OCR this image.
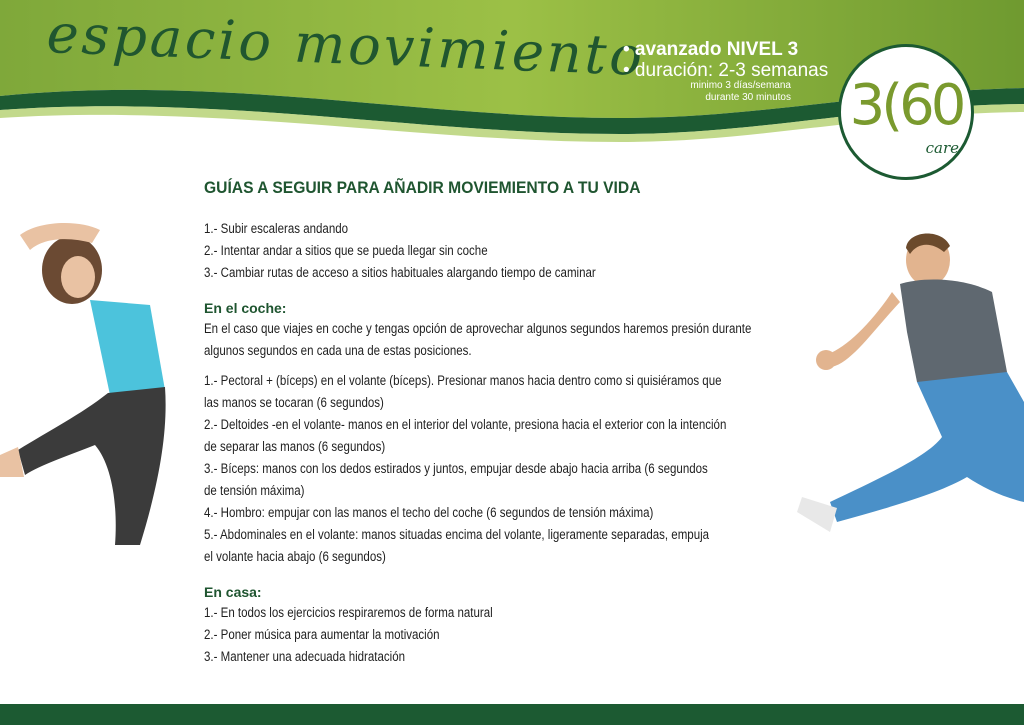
espacio movimiento
• avanzado NIVEL 3
• duración: 2-3 semanas
minimo 3 días/semana
durante 30 minutos 3(60
care
GUÍAS A SEGUIR PARA AÑADIR MOVIEMIENTO A TU VIDA
1.- Subir escaleras andando
2.- Intentar andar a sitios que se pueda llegar sin coche
3.- Cambiar rutas de acceso a sitios habituales alargando tiempo de caminar
En el coche:
En el caso que viajes en coche y tengas opción de aprovechar algunos segundos haremos presión durante
algunos segundos en cada una de estas posiciones.
1.- Pectoral + (bíceps) en el volante (bíceps). Presionar manos hacia dentro como si quisiéramos que
las manos se tocaran (6 segundos)
2.- Deltoides -en el volante- manos en el interior del volante, presiona hacia el exterior con la intención
de separar las manos (6 segundos)
3.- Bíceps: manos con los dedos estirados y juntos, empujar desde abajo hacia arriba (6 segundos
de tensión máxima)
4.- Hombro: empujar con las manos el techo del coche (6 segundos de tensión máxima)
5.- Abdominales en el volante: manos situadas encima del volante, ligeramente separadas, empuja
el volante hacia abajo (6 segundos)
En casa:
1.- En todos los ejercicios respiraremos de forma natural
2.- Poner música para aumentar la motivación
3.- Mantener una adecuada hidratación
